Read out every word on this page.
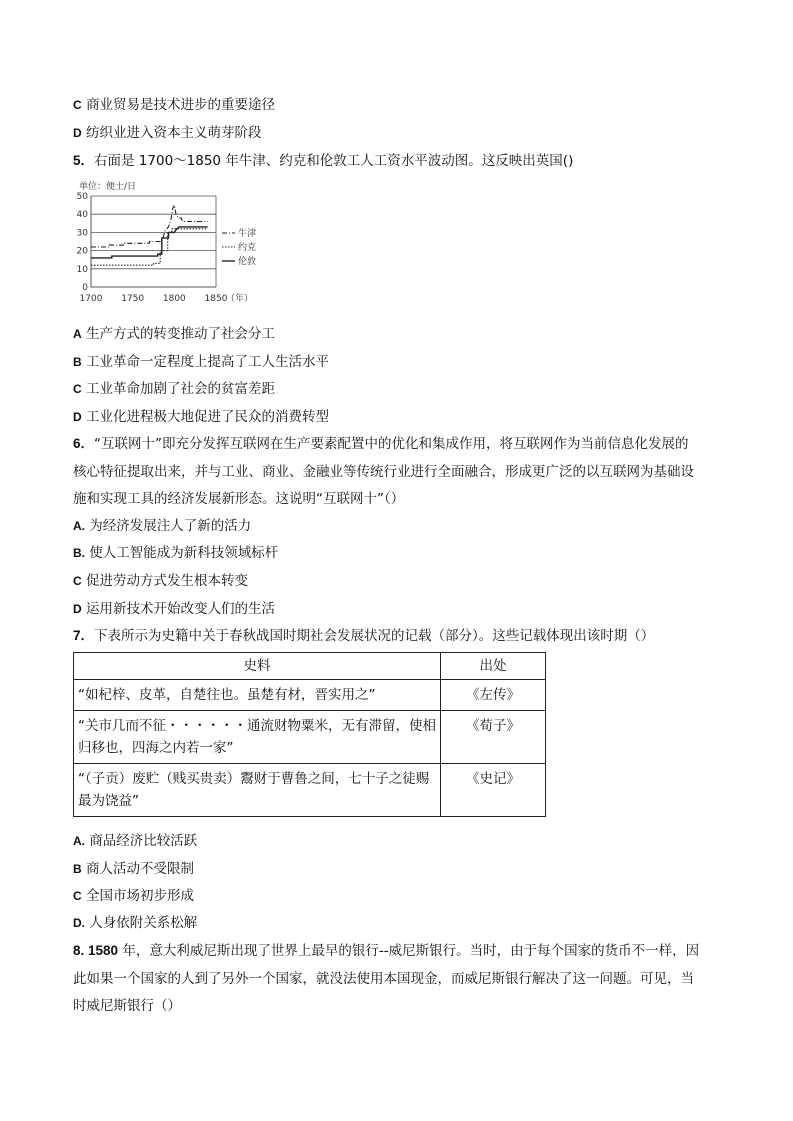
C 商业贸易是技术进步的重要途径
D 纺织业进入资本主义萌芽阶段
5．右面是 1700～1850 年牛津、约克和伦敦工人工资水平波动图。这反映出英国()
单位：便士/日
0
10
20
30
40
50
1700 1750 1800 1850
牛津
约克
伦敦
（年）
A 生产方式的转变推动了社会分工
B 工业革命一定程度上提高了工人生活水平
C 工业革命加剧了社会的贫富差距
D 工业化进程极大地促进了民众的消费转型
6．“互联网十”即充分发挥互联网在生产要素配置中的优化和集成作用，将互联网作为当前信息化发展的
核心特征提取出来，并与工业、商业、金融业等传统行业进行全面融合，形成更广泛的以互联网为基础设
施和实现工具的经济发展新形态。这说明“互联网十”（）
A. 为经济发展注人了新的活力
B. 使人工智能成为新科技领域标杆
C 促进劳动方式发生根本转变
D 运用新技术开始改变人们的生活
7．下表所示为史籍中关于春秋战国时期社会发展状况的记载（部分）。这些记载体现出该时期（）
史料	出处
“如杞梓、皮革，自楚往也。虽楚有材，晋实用之”	《左传》
“关市几而不征・・・・・・通流财物粟米，无有滞留，使相归移也，四海之内若一家”	《荀子》
“（子贡）废贮（贱买贵卖）鬻财于曹鲁之间，七十子之徒赐最为饶益”	《史记》
A. 商品经济比较活跃
B 商人活动不受限制
C 全国市场初步形成
D. 人身依附关系松解
8. 1580 年，意大利威尼斯出现了世界上最早的银行--威尼斯银行。当时，由于每个国家的货币不一样，因
此如果一个国家的人到了另外一个国家，就没法使用本国现金，而威尼斯银行解决了这一问题。可见，当
时威尼斯银行（）
